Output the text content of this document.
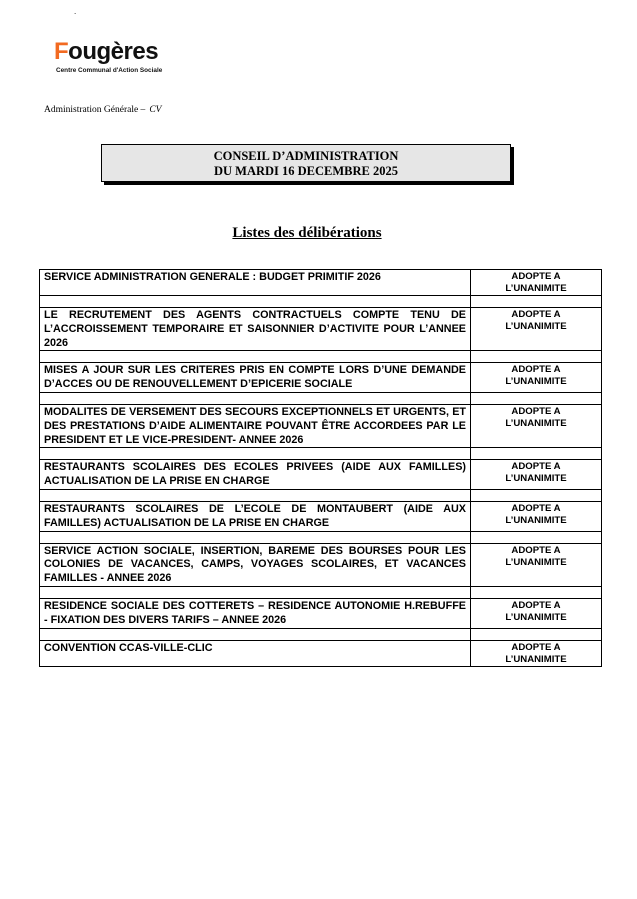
.
Fougères
Centre Communal d'Action Sociale
Administration Générale – CV
CONSEIL D’ADMINISTRATION
DU MARDI 16 DECEMBRE 2025
Listes des délibérations
SERVICE ADMINISTRATION GENERALE : BUDGET PRIMITIF 2026	ADOPTE A
L’UNANIMITE

LE RECRUTEMENT DES AGENTS CONTRACTUELS COMPTE TENU DE L’ACCROISSEMENT TEMPORAIRE ET SAISONNIER D’ACTIVITE POUR L’ANNEE 2026	ADOPTE A
L’UNANIMITE

MISES A JOUR SUR LES CRITERES PRIS EN COMPTE LORS D’UNE DEMANDE D’ACCES OU DE RENOUVELLEMENT D’EPICERIE SOCIALE	ADOPTE A
L’UNANIMITE

MODALITES DE VERSEMENT DES SECOURS EXCEPTIONNELS ET URGENTS, ET DES PRESTATIONS D’AIDE ALIMENTAIRE POUVANT ÊTRE ACCORDEES PAR LE PRESIDENT ET LE VICE-PRESIDENT- ANNEE 2026	ADOPTE A
L’UNANIMITE

RESTAURANTS SCOLAIRES DES ECOLES PRIVEES (AIDE AUX FAMILLES) ACTUALISATION DE LA PRISE EN CHARGE	ADOPTE A
L’UNANIMITE

RESTAURANTS SCOLAIRES DE L’ECOLE DE MONTAUBERT (AIDE AUX FAMILLES) ACTUALISATION DE LA PRISE EN CHARGE	ADOPTE A
L’UNANIMITE

SERVICE ACTION SOCIALE, INSERTION, BAREME DES BOURSES POUR LES COLONIES DE VACANCES, CAMPS, VOYAGES SCOLAIRES, ET VACANCES FAMILLES - ANNEE 2026	ADOPTE A
L’UNANIMITE

RESIDENCE SOCIALE DES COTTERETS – RESIDENCE AUTONOMIE H.REBUFFE - FIXATION DES DIVERS TARIFS – ANNEE 2026	ADOPTE A
L’UNANIMITE

CONVENTION CCAS-VILLE-CLIC	ADOPTE A
L’UNANIMITE
